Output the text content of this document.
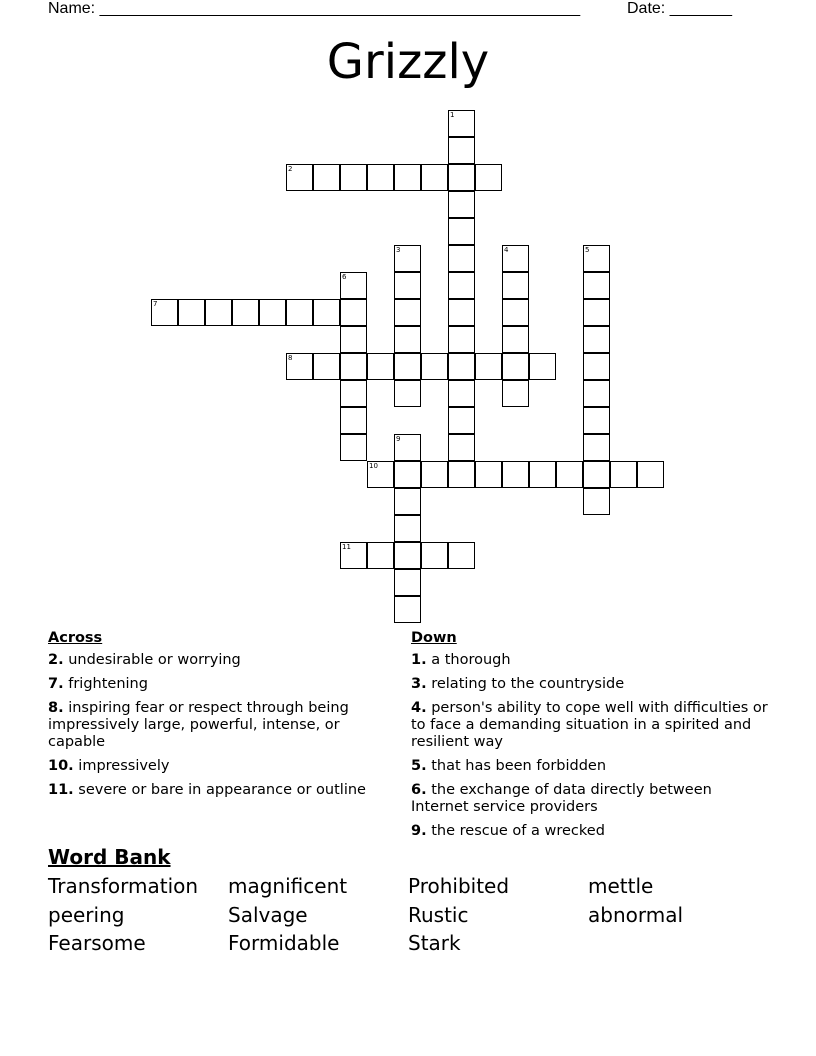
Name: ______________________________________________________	Date: _______
Grizzly
1
2
3	4	5
6
7
8
9
10
11
Across
2. undesirable or worrying
7. frightening
8. inspiring fear or respect through being impressively large, powerful, intense, or capable
10. impressively
11. severe or bare in appearance or outline
Down
1. a thorough
3. relating to the countryside
4. person's ability to cope well with difficulties or to face a demanding situation in a spirited and resilient way
5. that has been forbidden
6. the exchange of data directly between Internet service providers
9. the rescue of a wrecked
Word Bank
Transformation magnificent	Prohibited	mettle
peering	Salvage	Rustic	abnormal
Fearsome	Formidable	Stark
